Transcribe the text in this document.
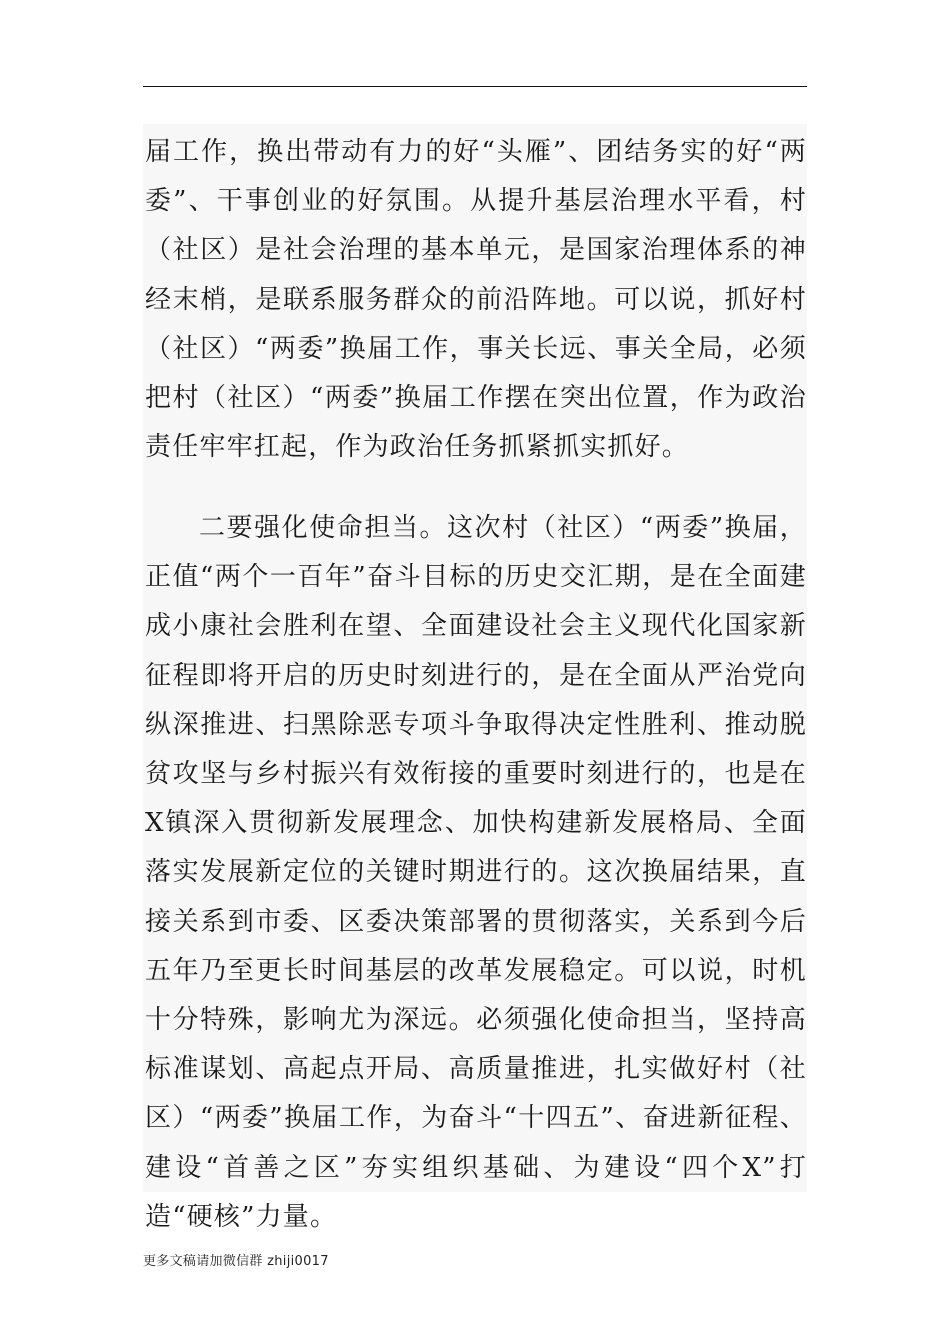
届工作，换出带动有力的好“头雁”、团结务实的好“两委”、干事创业的好氛围。从提升基层治理水平看，村（社区）是社会治理的基本单元，是国家治理体系的神经末梢，是联系服务群众的前沿阵地。可以说，抓好村（社区）“两委”换届工作，事关长远、事关全局，必须把村（社区）“两委”换届工作摆在突出位置，作为政治责任牢牢扛起，作为政治任务抓紧抓实抓好。

二要强化使命担当。这次村（社区）“两委”换届，正值“两个一百年”奋斗目标的历史交汇期，是在全面建成小康社会胜利在望、全面建设社会主义现代化国家新征程即将开启的历史时刻进行的，是在全面从严治党向纵深推进、扫黑除恶专项斗争取得决定性胜利、推动脱贫攻坚与乡村振兴有效衔接的重要时刻进行的，也是在X镇深入贯彻新发展理念、加快构建新发展格局、全面落实发展新定位的关键时期进行的。这次换届结果，直接关系到市委、区委决策部署的贯彻落实，关系到今后五年乃至更长时间基层的改革发展稳定。可以说，时机十分特殊，影响尤为深远。必须强化使命担当，坚持高标准谋划、高起点开局、高质量推进，扎实做好村（社区）“两委”换届工作，为奋斗“十四五”、奋进新征程、建设“首善之区”夯实组织基础、为建设“四个X”打造“硬核”力量。

更多文稿请加微信群 zhiji0017
